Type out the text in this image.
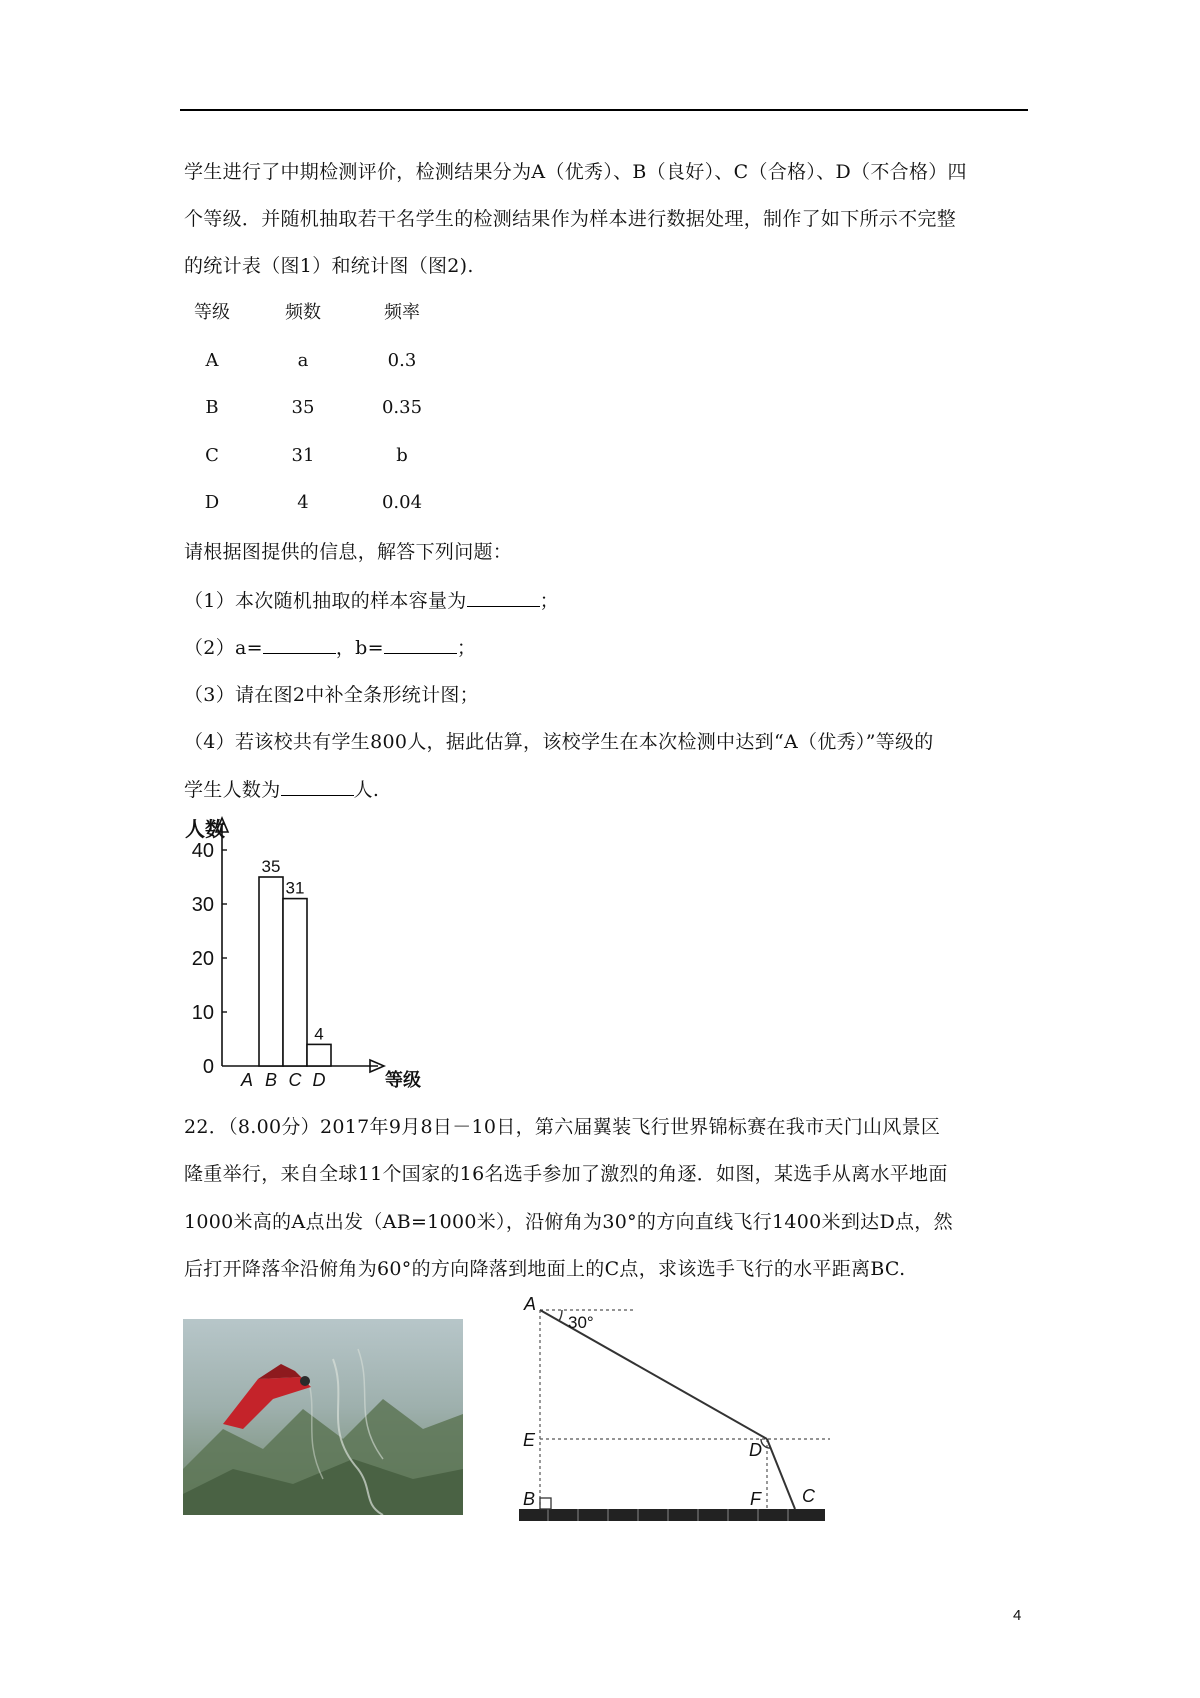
学生进行了中期检测评价，检测结果分为A（优秀）、B（良好）、C（合格）、D（不合格）四
个等级．并随机抽取若干名学生的检测结果作为样本进行数据处理，制作了如下所示不完整
的统计表（图1）和统计图（图2).
等级	频数	频率
A	a	0.3
B	35	0.35
C	31	b
D	4	0.04
请根据图提供的信息，解答下列问题：
（1）本次随机抽取的样本容量为	；
（2）a=	，b=	；
（3）请在图2中补全条形统计图；
（4）若该校共有学生800人，据此估算，该校学生在本次检测中达到“A（优秀）”等级的
学生人数为	人.
人数
等级
0
10
20
30
40
A B
35
C
31
D
4
22．（8.00分）2017年9月8日－10日，第六届翼装飞行世界锦标赛在我市天门山风景区
隆重举行，来自全球11个国家的16名选手参加了激烈的角逐．如图，某选手从离水平地面
1000米高的A点出发（AB=1000米），沿俯角为30°的方向直线飞行1400米到达D点，然
后打开降落伞沿俯角为60°的方向降落到地面上的C点，求该选手飞行的水平距离BC.
30°
A
E
B
D
F C
4
